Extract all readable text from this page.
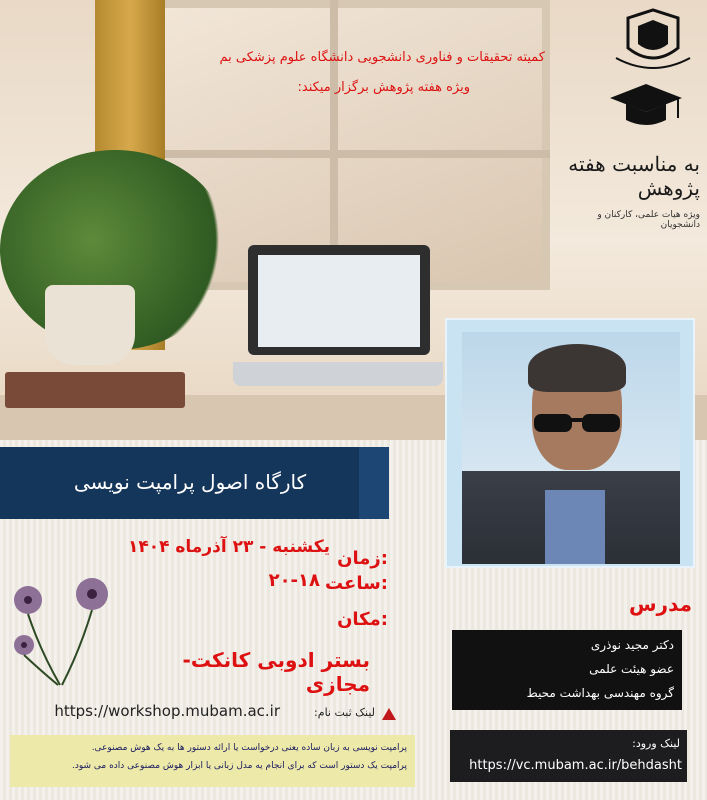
به مناسبت هفته پژوهش
ویژه هیات علمی، کارکنان و دانشجویان
کمیته تحقیقات و فناوری دانشجویی دانشگاه علوم پزشکی بم
ویژه هفته پژوهش برگزار میکند:
مدرس
دکتر مجید نوذری
عضو هیئت علمی
گروه مهندسی بهداشت محیط
لینک ورود:
https://vc.mubam.ac.ir/behdasht
کارگاه اصول پرامپت نویسی
زمان:
یکشنبه - ۲۳ آذرماه ۱۴۰۴
ساعت:
۲۰-۱۸
مکان:
بستر ادوبی کانکت- مجازی
لینک ثبت نام:
https://workshop.mubam.ac.ir
پرامپت نویسی به زبان ساده یعنی درخواست یا ارائه دستور ها به یک هوش مصنوعی.
پرامپت یک دستور است که برای انجام یه مدل زبانی یا ابزار هوش مصنوعی داده می شود.
